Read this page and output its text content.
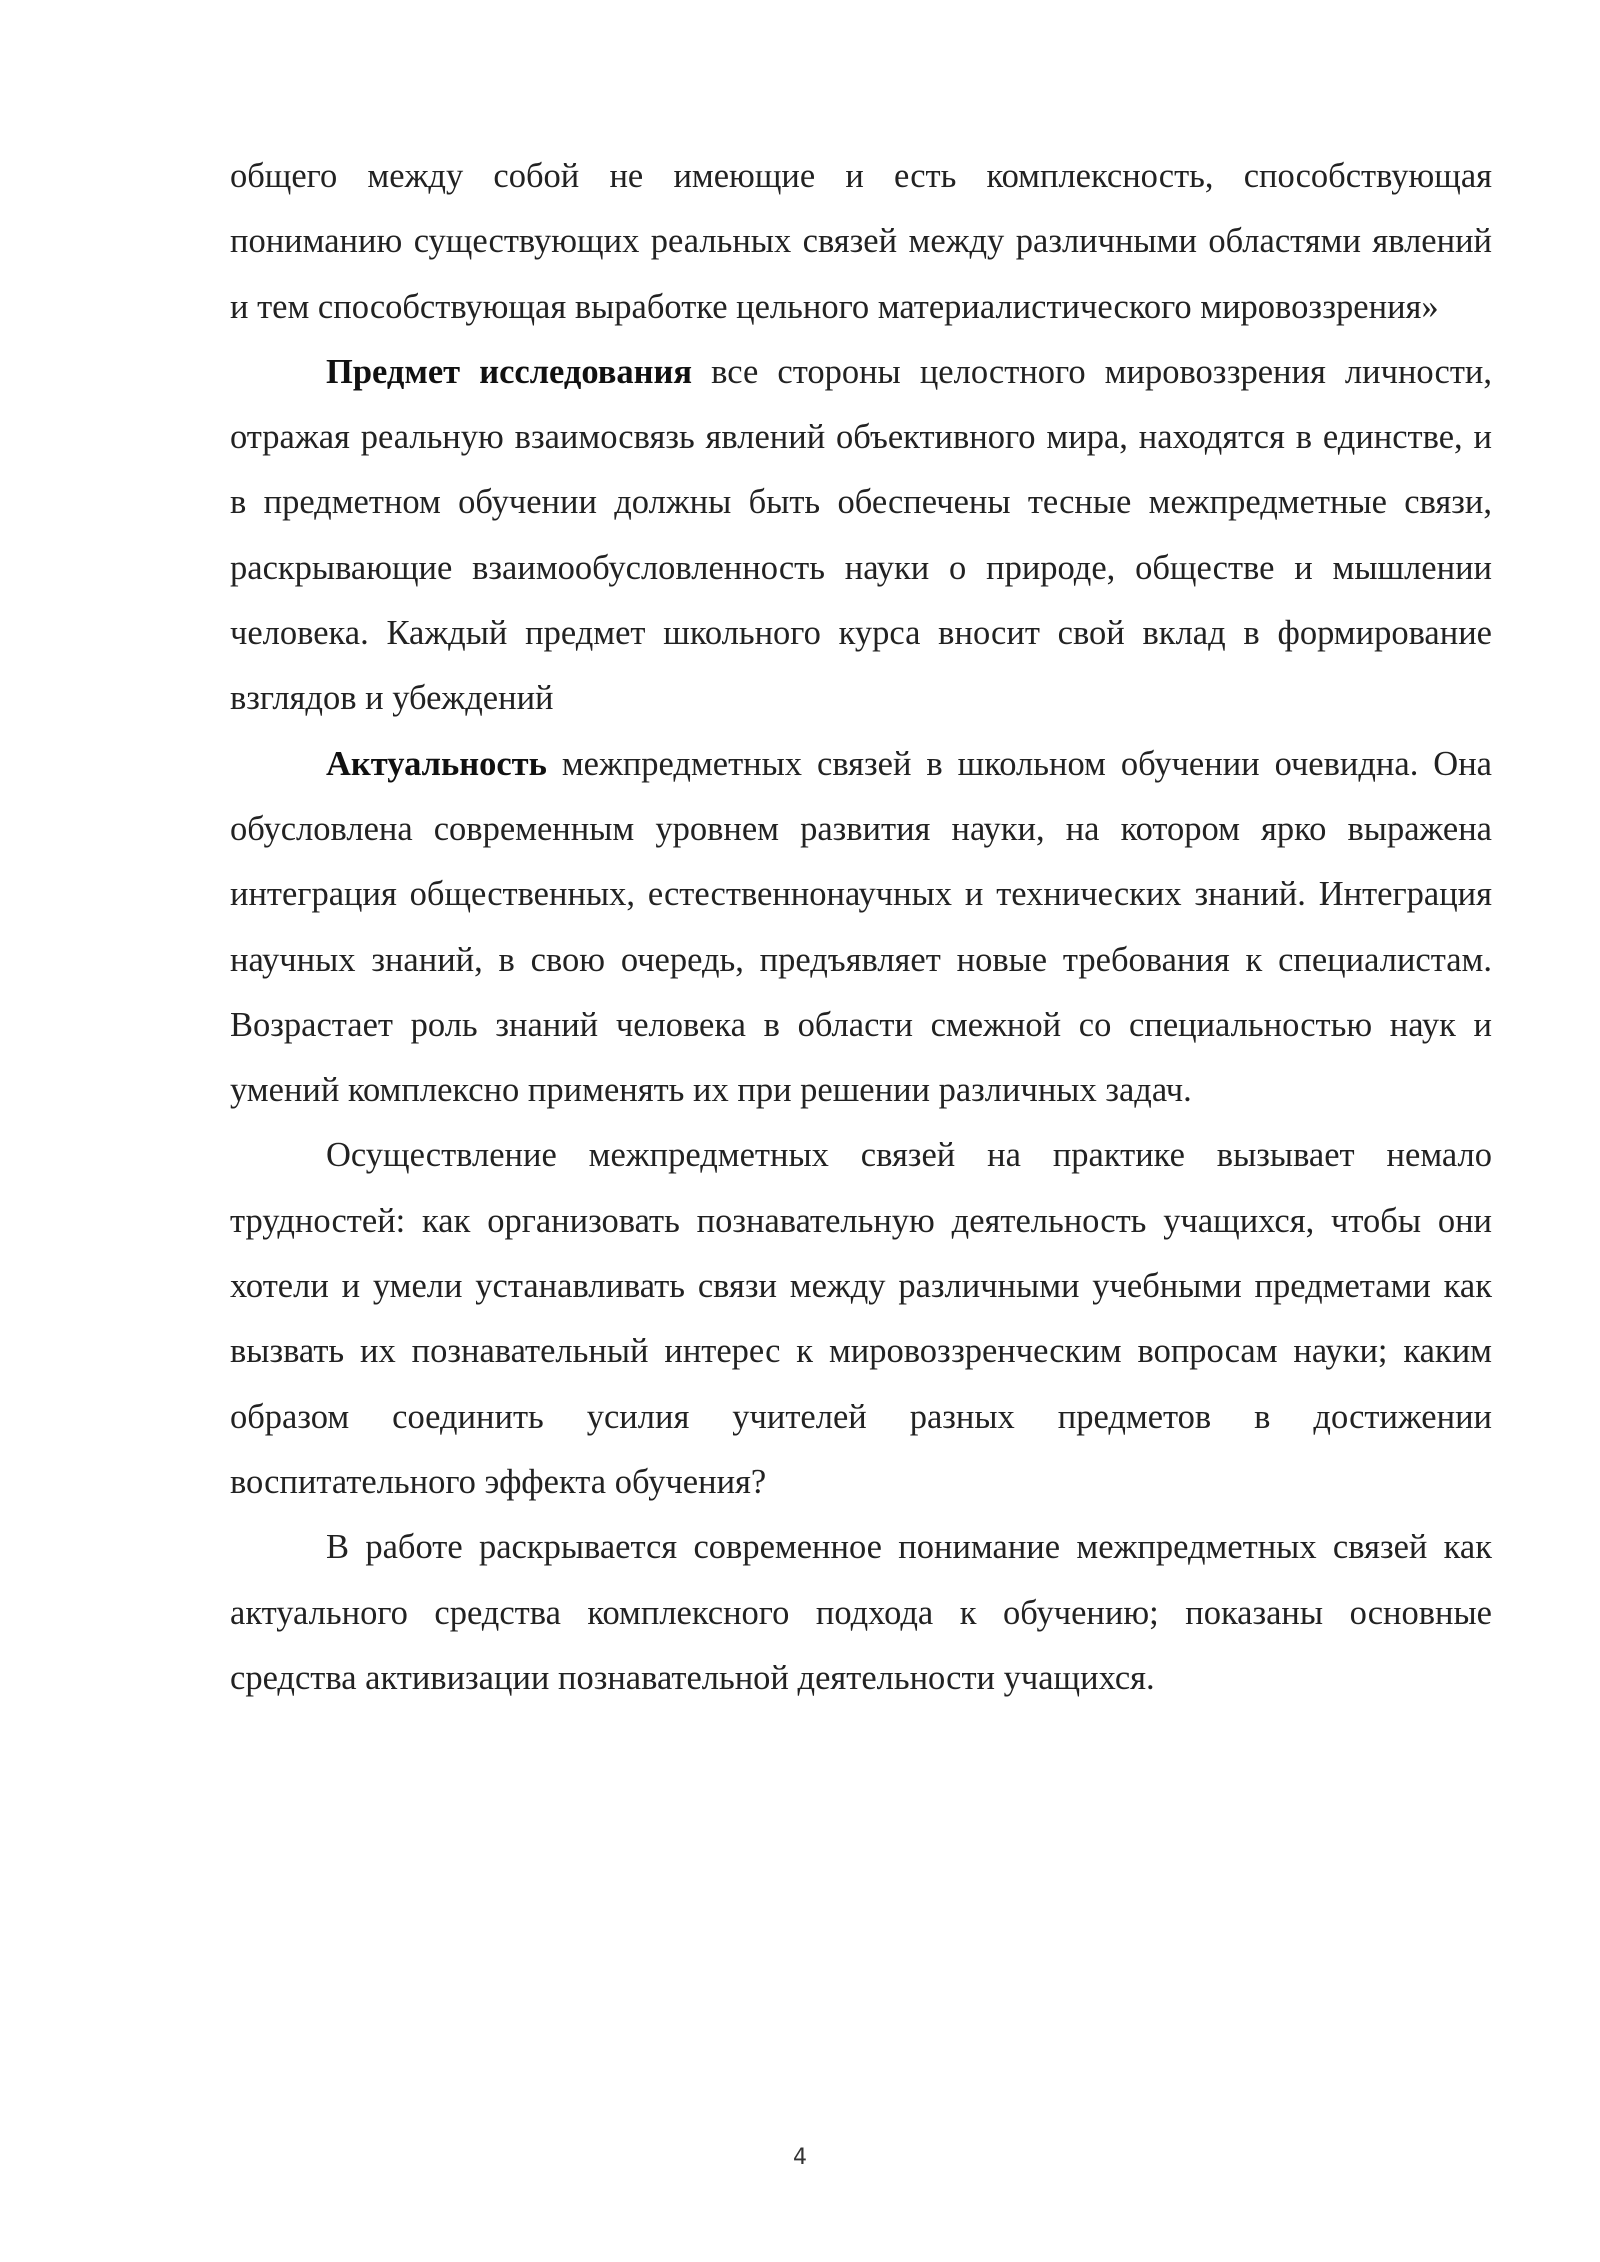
общего между собой не имеющие и есть комплексность, способствующая пониманию существующих реальных связей между различными областями явлений и тем способствующая выработке цельного материалистического мировоззрения»

Предмет исследования все стороны целостного мировоззрения личности, отражая реальную взаимосвязь явлений объективного мира, находятся в единстве, и в предметном обучении должны быть обеспечены тесные межпредметные связи, раскрывающие взаимообусловленность науки о природе, обществе и мышлении человека. Каждый предмет школьного курса вносит свой вклад в формирование взглядов и убеждений

Актуальность межпредметных связей в школьном обучении очевидна. Она обусловлена современным уровнем развития науки, на котором ярко выражена интеграция общественных, естественнонаучных и технических знаний. Интеграция научных знаний, в свою очередь, предъявляет новые требования к специалистам. Возрастает роль знаний человека в области смежной со специальностью наук и умений комплексно применять их при решении различных задач.

Осуществление межпредметных связей на практике вызывает немало трудностей: как организовать познавательную деятельность учащихся, чтобы они хотели и умели устанавливать связи между различными учебными предметами как вызвать их познавательный интерес к мировоззренческим вопросам науки; каким образом соединить усилия учителей разных предметов в достижении воспитательного эффекта обучения?

В работе раскрывается современное понимание межпредметных связей как актуального средства комплексного подхода к обучению; показаны основные средства активизации познавательной деятельности учащихся.

4
